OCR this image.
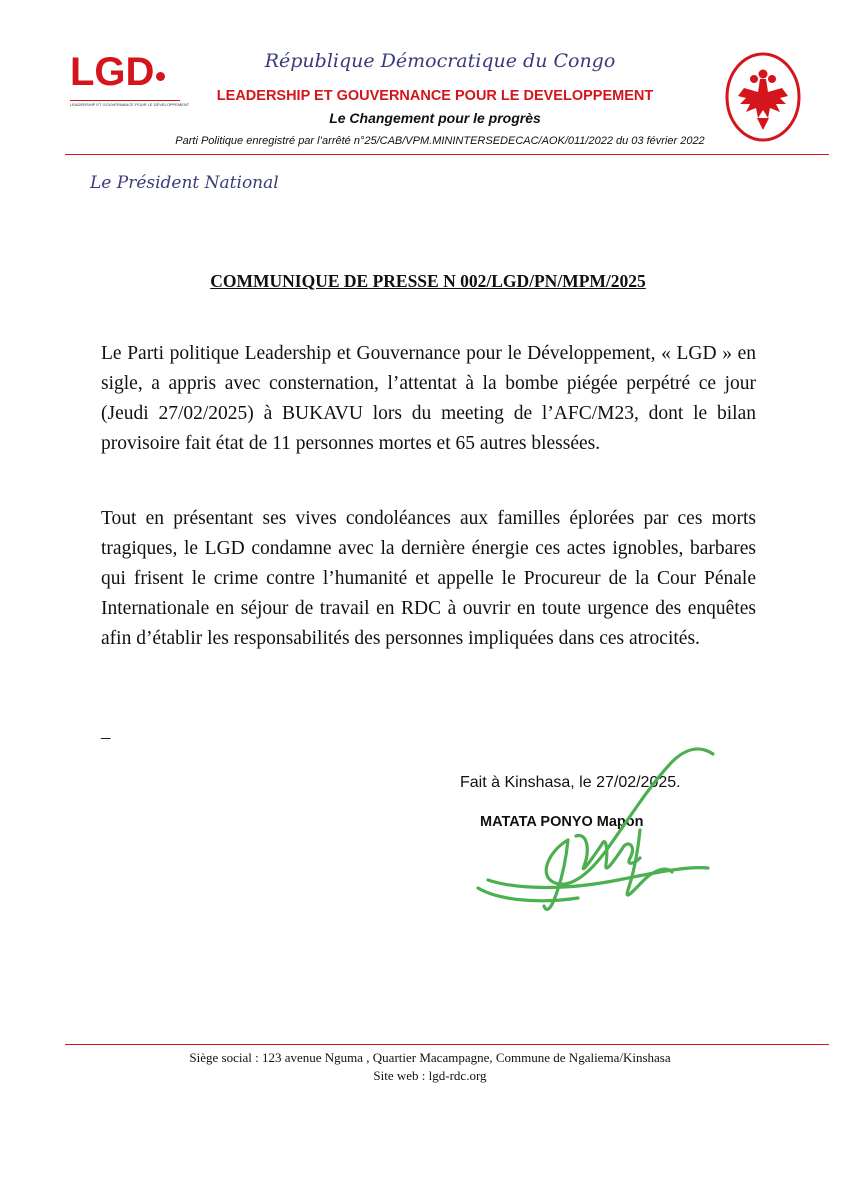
LGD
LEADERSHIP ET GOUVERNANCE POUR LE DÉVELOPPEMENT
République Démocratique du Congo
LEADERSHIP ET GOUVERNANCE POUR LE DEVELOPPEMENT
Le Changement pour le progrès
Parti Politique enregistré par l’arrêté n°25/CAB/VPM.MININTERSEDECAC/AOK/011/2022 du 03 février 2022
Le Président National
COMMUNIQUE DE PRESSE N 002/LGD/PN/MPM/2025
Le Parti politique Leadership et Gouvernance pour le Développement, « LGD » en sigle, a appris avec consternation, l’attentat à la bombe piégée perpétré ce jour (Jeudi 27/02/2025) à BUKAVU lors du meeting de l’AFC/M23, dont le bilan provisoire fait état de 11 personnes mortes et 65 autres blessées.
Tout en présentant ses vives condoléances aux familles éplorées par ces morts tragiques, le LGD condamne avec la dernière énergie ces actes ignobles, barbares qui frisent le crime contre l’humanité et appelle le Procureur de la Cour Pénale Internationale en séjour de travail en RDC à ouvrir en toute urgence des enquêtes afin d’établir les responsabilités des personnes impliquées dans ces atrocités.
–
Fait à Kinshasa, le 27/02/2025.
MATATA PONYO Mapon
Siège social : 123 avenue Nguma , Quartier Macampagne, Commune de Ngaliema/Kinshasa
Site web : lgd-rdc.org
